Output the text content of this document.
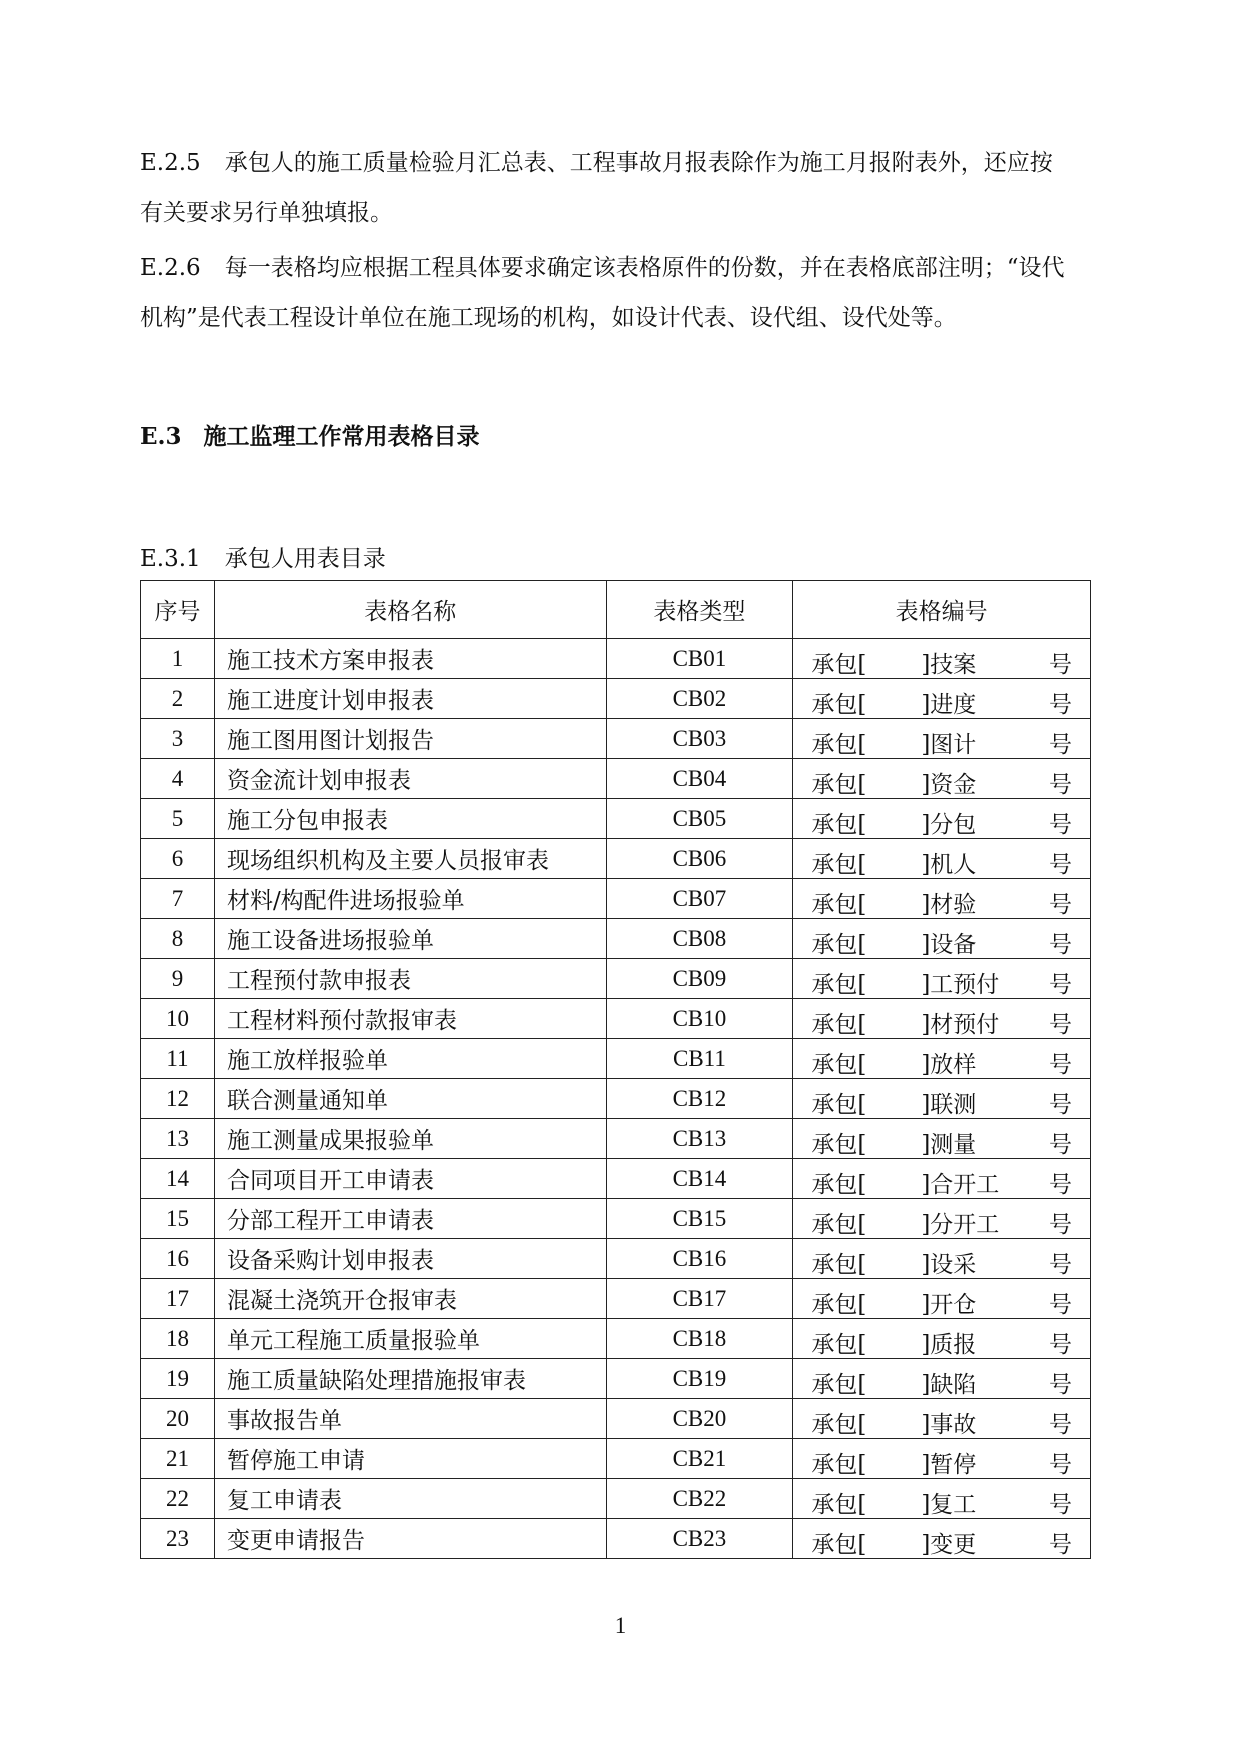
E.2.5 承包人的施工质量检验月汇总表、工程事故月报表除作为施工月报附表外，还应按
有关要求另行单独填报。
E.2.6 每一表格均应根据工程具体要求确定该表格原件的份数，并在表格底部注明；“设代
机构”是代表工程设计单位在施工现场的机构，如设计代表、设代组、设代处等。
E.3 施工监理工作常用表格目录
E.3.1 承包人用表目录
序号	表格名称	表格类型	表格编号
1	施工技术方案申报表	CB01	承包[ ]技案 号

2	施工进度计划申报表	CB02	承包[ ]进度 号

3	施工图用图计划报告	CB03	承包[ ]图计 号

4	资金流计划申报表	CB04	承包[ ]资金 号

5	施工分包申报表	CB05	承包[ ]分包 号

6	现场组织机构及主要人员报审表	CB06	承包[ ]机人 号

7	材料/构配件进场报验单	CB07	承包[ ]材验 号

8	施工设备进场报验单	CB08	承包[ ]设备 号

9	工程预付款申报表	CB09	承包[ ]工预付 号

10	工程材料预付款报审表	CB10	承包[ ]材预付 号

11	施工放样报验单	CB11	承包[ ]放样 号

12	联合测量通知单	CB12	承包[ ]联测 号

13	施工测量成果报验单	CB13	承包[ ]测量 号

14	合同项目开工申请表	CB14	承包[ ]合开工 号

15	分部工程开工申请表	CB15	承包[ ]分开工 号

16	设备采购计划申报表	CB16	承包[ ]设采 号

17	混凝土浇筑开仓报审表	CB17	承包[ ]开仓 号

18	单元工程施工质量报验单	CB18	承包[ ]质报 号

19	施工质量缺陷处理措施报审表	CB19	承包[ ]缺陷 号

20	事故报告单	CB20	承包[ ]事故 号

21	暂停施工申请	CB21	承包[ ]暂停 号

22	复工申请表	CB22	承包[ ]复工 号

23	变更申请报告	CB23	承包[ ]变更 号
1
